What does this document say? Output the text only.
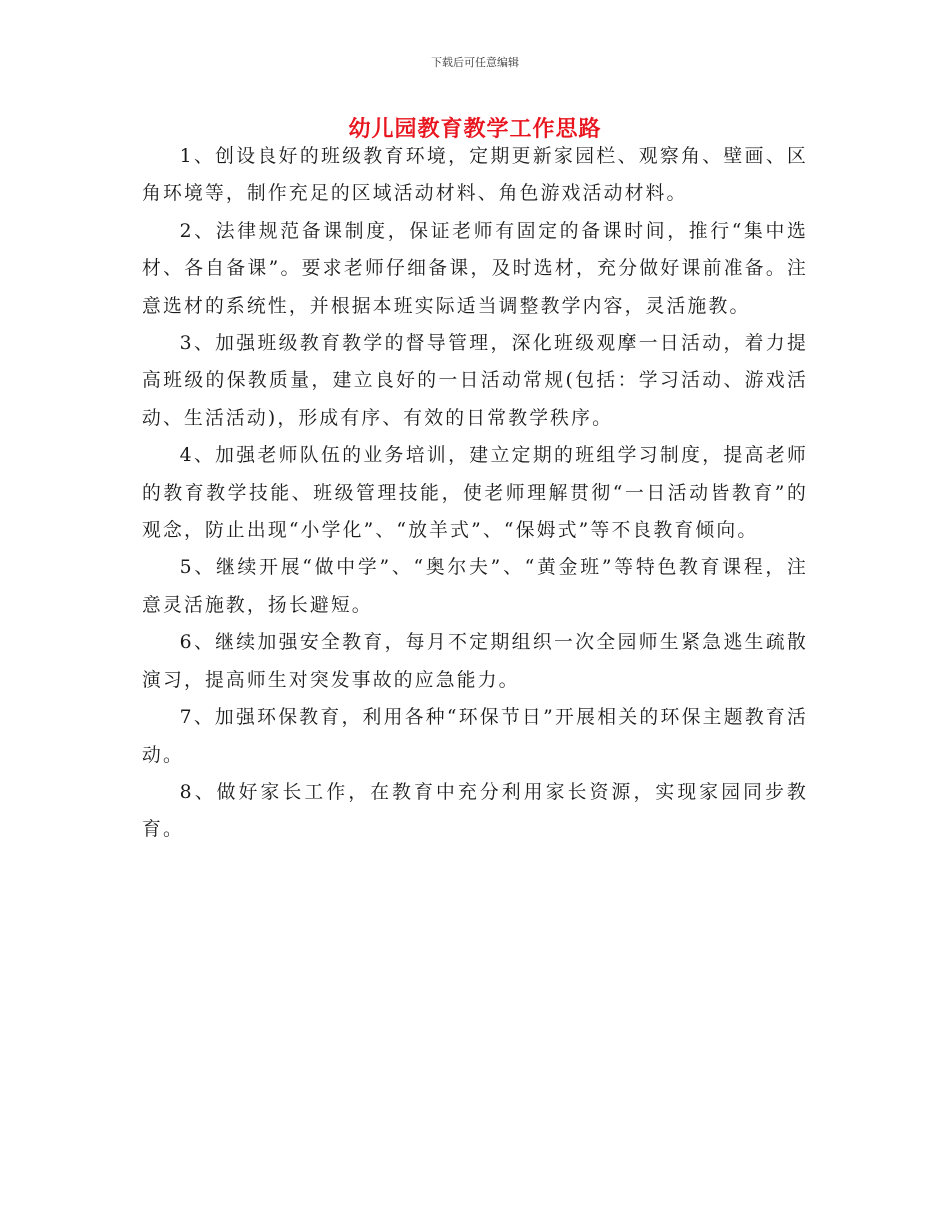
下载后可任意编辑
幼儿园教育教学工作思路

1、创设良好的班级教育环境，定期更新家园栏、观察角、壁画、区角环境等，制作充足的区域活动材料、角色游戏活动材料。

2、法律规范备课制度，保证老师有固定的备课时间，推行“集中选材、各自备课”。要求老师仔细备课，及时选材，充分做好课前准备。注意选材的系统性，并根据本班实际适当调整教学内容，灵活施教。

3、加强班级教育教学的督导管理，深化班级观摩一日活动，着力提高班级的保教质量，建立良好的一日活动常规(包括：学习活动、游戏活动、生活活动)，形成有序、有效的日常教学秩序。

4、加强老师队伍的业务培训，建立定期的班组学习制度，提高老师的教育教学技能、班级管理技能，使老师理解贯彻“一日活动皆教育”的观念，防止出现“小学化”、“放羊式”、“保姆式”等不良教育倾向。

5、继续开展“做中学”、“奥尔夫”、“黄金班”等特色教育课程，注意灵活施教，扬长避短。

6、继续加强安全教育，每月不定期组织一次全园师生紧急逃生疏散演习，提高师生对突发事故的应急能力。

7、加强环保教育，利用各种“环保节日”开展相关的环保主题教育活动。

8、做好家长工作，在教育中充分利用家长资源，实现家园同步教育。
